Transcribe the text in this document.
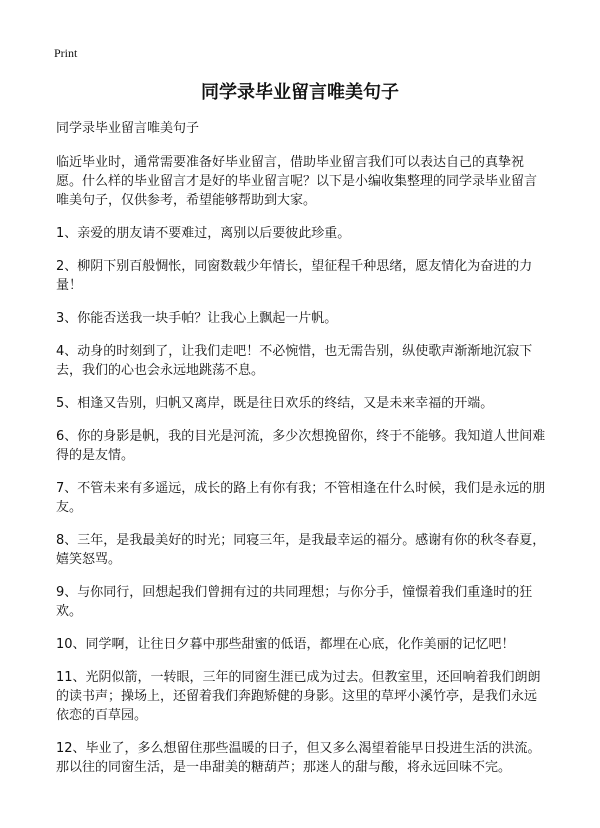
Print
同学录毕业留言唯美句子

同学录毕业留言唯美句子

临近毕业时，通常需要准备好毕业留言，借助毕业留言我们可以表达自己的真挚祝愿。什么样的毕业留言才是好的毕业留言呢？以下是小编收集整理的同学录毕业留言唯美句子，仅供参考，希望能够帮助到大家。

1、亲爱的朋友请不要难过，离别以后要彼此珍重。
2、柳阴下别百般惆怅，同窗数载少年情长，望征程千种思绪，愿友情化为奋进的力量！
3、你能否送我一块手帕？让我心上飘起一片帆。
4、动身的时刻到了，让我们走吧！不必惋惜，也无需告别，纵使歌声渐渐地沉寂下去，我们的心也会永远地跳荡不息。
5、相逢又告别，归帆又离岸，既是往日欢乐的终结，又是未来幸福的开端。
6、你的身影是帆，我的目光是河流，多少次想挽留你，终于不能够。我知道人世间难得的是友情。
7、不管未来有多遥远，成长的路上有你有我；不管相逢在什么时候，我们是永远的朋友。
8、三年，是我最美好的时光；同寝三年，是我最幸运的福分。感谢有你的秋冬春夏，嬉笑怒骂。
9、与你同行，回想起我们曾拥有过的共同理想；与你分手，憧憬着我们重逢时的狂欢。
10、同学啊，让往日夕暮中那些甜蜜的低语，都埋在心底，化作美丽的记忆吧！
11、光阴似箭，一转眼，三年的同窗生涯已成为过去。但教室里，还回响着我们朗朗的读书声；操场上，还留着我们奔跑矫健的身影。这里的草坪小溪竹亭，是我们永远依恋的百草园。
12、毕业了，多么想留住那些温暖的日子，但又多么渴望着能早日投进生活的洪流。那以往的同窗生活，是一串甜美的糖葫芦；那迷人的甜与酸，将永远回味不完。
